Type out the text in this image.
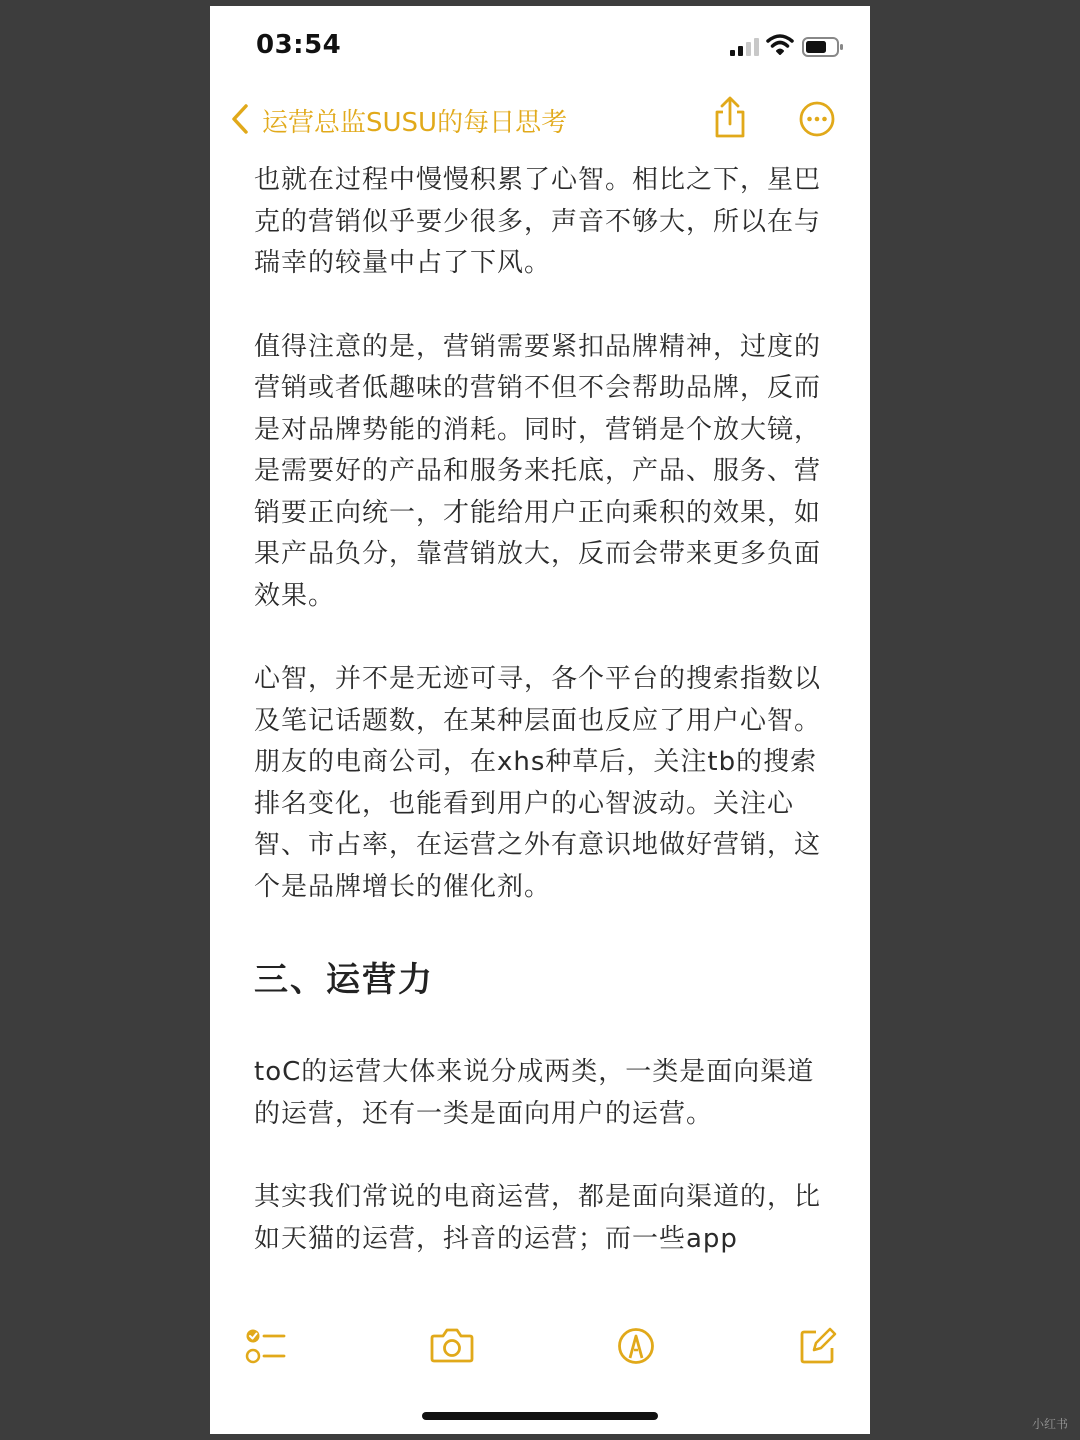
03:54
运营总监SUSU的每日思考

也就在过程中慢慢积累了心智。相比之下，星巴克的营销似乎要少很多，声音不够大，所以在与瑞幸的较量中占了下风。

值得注意的是，营销需要紧扣品牌精神，过度的营销或者低趣味的营销不但不会帮助品牌，反而是对品牌势能的消耗。同时，营销是个放大镜，是需要好的产品和服务来托底，产品、服务、营销要正向统一，才能给用户正向乘积的效果，如果产品负分，靠营销放大，反而会带来更多负面效果。

心智，并不是无迹可寻，各个平台的搜索指数以及笔记话题数，在某种层面也反应了用户心智。朋友的电商公司，在xhs种草后，关注tb的搜索排名变化，也能看到用户的心智波动。关注心智、市占率，在运营之外有意识地做好营销，这个是品牌增长的催化剂。

三、运营力

toC的运营大体来说分成两类，一类是面向渠道的运营，还有一类是面向用户的运营。

其实我们常说的电商运营，都是面向渠道的，比如天猫的运营，抖音的运营；而一些app

小红书
